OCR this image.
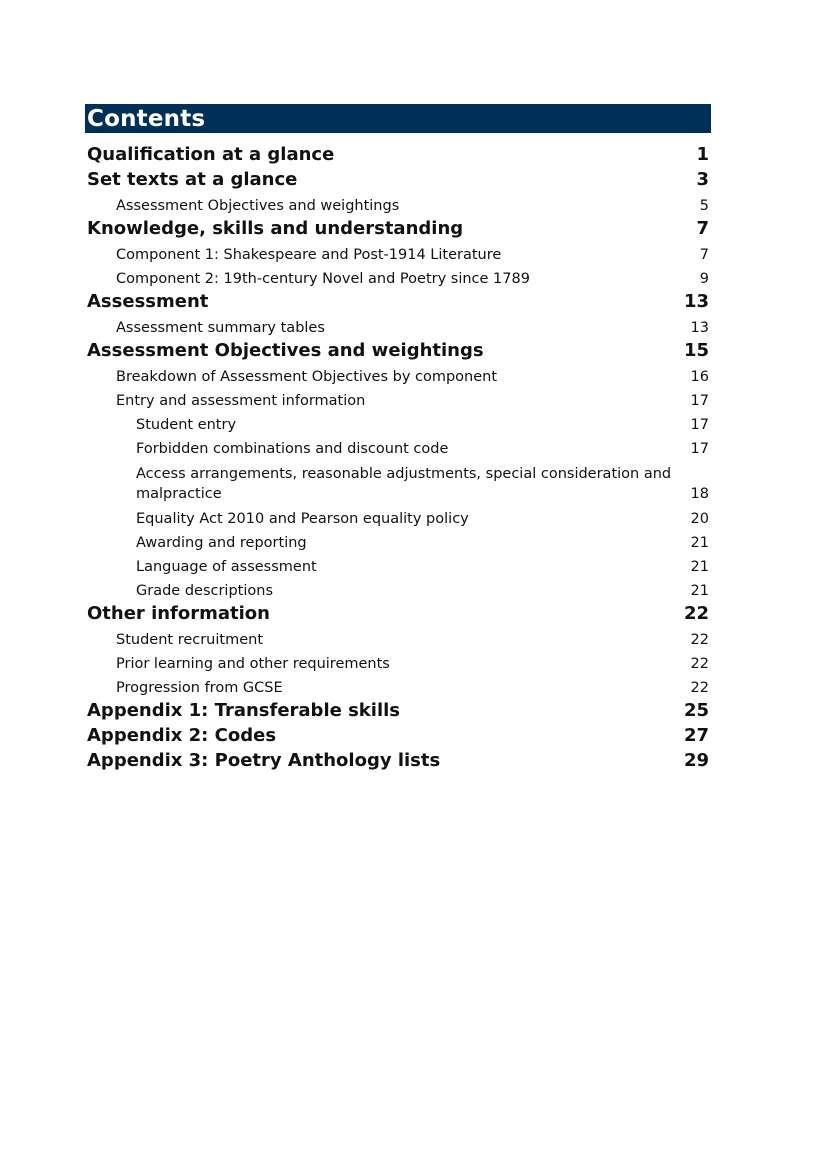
Contents
Qualification at a glance	1
Set texts at a glance	3
Assessment Objectives and weightings	5
Knowledge, skills and understanding	7
Component 1: Shakespeare and Post-1914 Literature	7
Component 2: 19th-century Novel and Poetry since 1789	9
Assessment	13
Assessment summary tables	13
Assessment Objectives and weightings	15
Breakdown of Assessment Objectives by component	16
Entry and assessment information	17
Student entry	17
Forbidden combinations and discount code	17
Access arrangements, reasonable adjustments, special consideration and malpractice	18
Equality Act 2010 and Pearson equality policy	20
Awarding and reporting	21
Language of assessment	21
Grade descriptions	21
Other information	22
Student recruitment	22
Prior learning and other requirements	22
Progression from GCSE	22
Appendix 1: Transferable skills	25
Appendix 2: Codes	27
Appendix 3: Poetry Anthology lists	29
